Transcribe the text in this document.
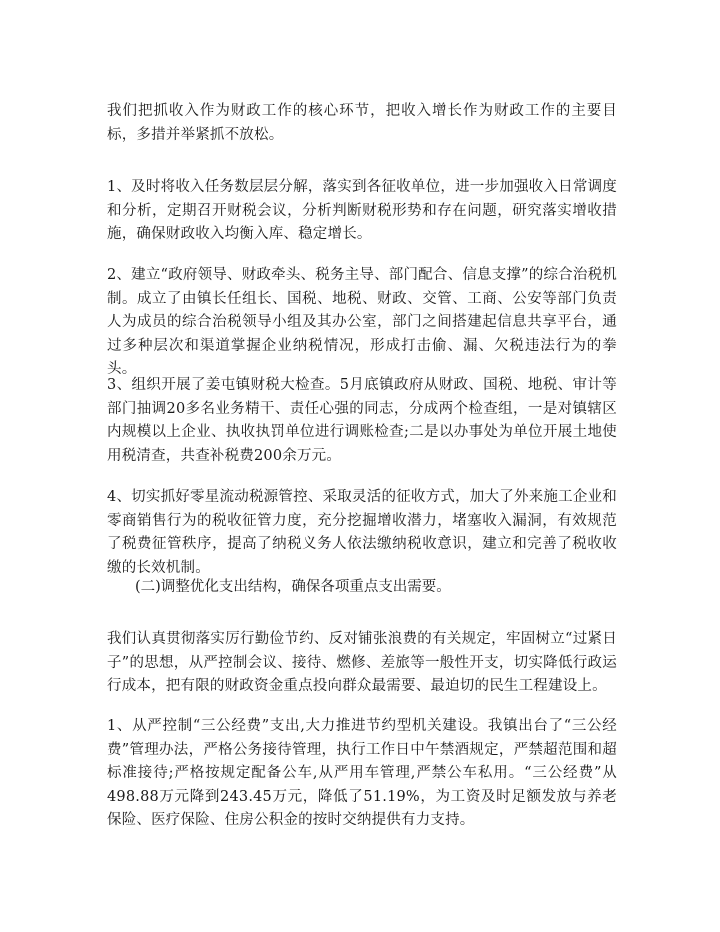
我们把抓收入作为财政工作的核心环节，把收入增长作为财政工作的主要目标，多措并举紧抓不放松。

1、及时将收入任务数层层分解，落实到各征收单位，进一步加强收入日常调度和分析，定期召开财税会议，分析判断财税形势和存在问题，研究落实增收措施，确保财政收入均衡入库、稳定增长。

2、建立“政府领导、财政牵头、税务主导、部门配合、信息支撑”的综合治税机制。成立了由镇长任组长、国税、地税、财政、交管、工商、公安等部门负责人为成员的综合治税领导小组及其办公室，部门之间搭建起信息共享平台，通过多种层次和渠道掌握企业纳税情况，形成打击偷、漏、欠税违法行为的拳头。

3、组织开展了姜屯镇财税大检查。5月底镇政府从财政、国税、地税、审计等部门抽调20多名业务精干、责任心强的同志，分成两个检查组，一是对镇辖区内规模以上企业、执收执罚单位进行调账检查;二是以办事处为单位开展土地使用税清查，共查补税费200余万元。

4、切实抓好零星流动税源管控、采取灵活的征收方式，加大了外来施工企业和零商销售行为的税收征管力度，充分挖掘增收潜力，堵塞收入漏洞，有效规范了税费征管秩序，提高了纳税义务人依法缴纳税收意识，建立和完善了税收收缴的长效机制。

(二)调整优化支出结构，确保各项重点支出需要。

我们认真贯彻落实厉行勤俭节约、反对铺张浪费的有关规定，牢固树立“过紧日子”的思想，从严控制会议、接待、燃修、差旅等一般性开支，切实降低行政运行成本，把有限的财政资金重点投向群众最需要、最迫切的民生工程建设上。

1、从严控制“三公经费”支出,大力推进节约型机关建设。我镇出台了“三公经费”管理办法，严格公务接待管理，执行工作日中午禁酒规定，严禁超范围和超标准接待;严格按规定配备公车,从严用车管理,严禁公车私用。“三公经费”从498.88万元降到243.45万元，降低了51.19%，为工资及时足额发放与养老保险、医疗保险、住房公积金的按时交纳提供有力支持。
